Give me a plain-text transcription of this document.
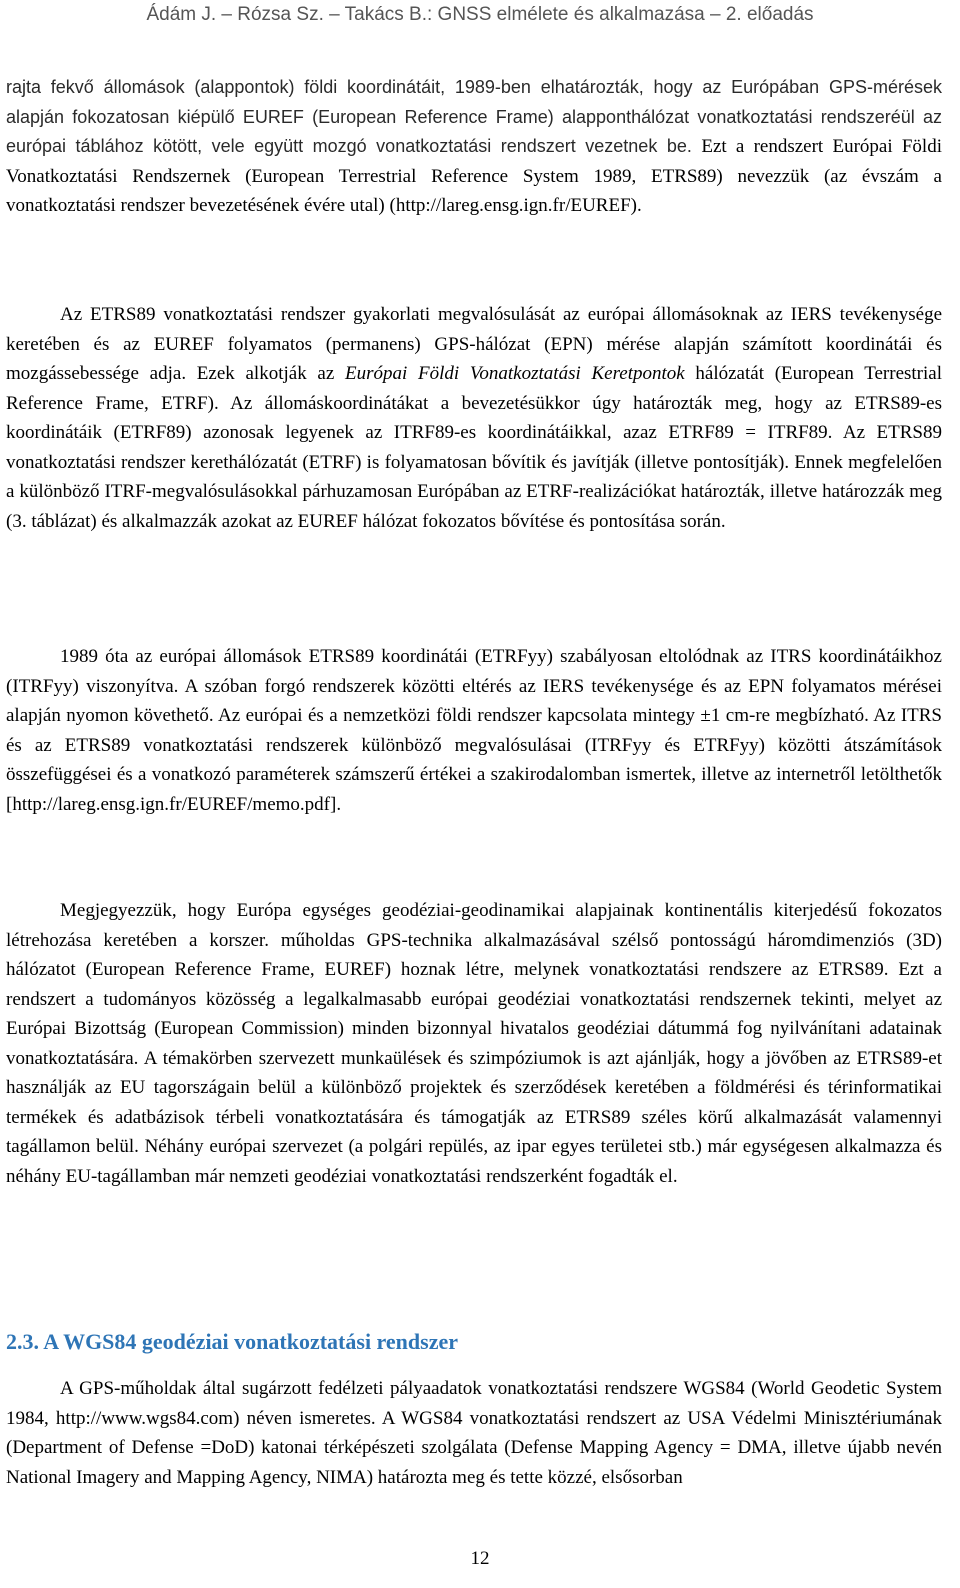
Ádám J. – Rózsa Sz. – Takács B.: GNSS elmélete és alkalmazása – 2. előadás

rajta fekvő állomások (alappontok) földi koordinátáit, 1989-ben elhatározták, hogy az Európában GPS-mérések alapján fokozatosan kiépülő EUREF (European Reference Frame) alapponthálózat vonatkoztatási rendszeréül az európai táblához kötött, vele együtt mozgó vonatkoztatási rendszert vezetnek be. Ezt a rendszert Európai Földi Vonatkoztatási Rendszernek (European Terrestrial Reference System 1989, ETRS89) nevezzük (az évszám a vonatkoztatási rendszer bevezetésének évére utal) (http://lareg.ensg.ign.fr/EUREF).

Az ETRS89 vonatkoztatási rendszer gyakorlati megvalósulását az európai állomásoknak az IERS tevékenysége keretében és az EUREF folyamatos (permanens) GPS-hálózat (EPN) mérése alapján számított koordinátái és mozgássebessége adja. Ezek alkotják az Európai Földi Vonatkoztatási Keretpontok hálózatát (European Terrestrial Reference Frame, ETRF). Az állomáskoordinátákat a bevezetésükkor úgy határozták meg, hogy az ETRS89-es koordinátáik (ETRF89) azonosak legyenek az ITRF89-es koordinátáikkal, azaz ETRF89 = ITRF89. Az ETRS89 vonatkoztatási rendszer kerethálózatát (ETRF) is folyamatosan bővítik és javítják (illetve pontosítják). Ennek megfelelően a különböző ITRF-megvalósulásokkal párhuzamosan Európában az ETRF-realizációkat határozták, illetve határozzák meg (3. táblázat) és alkalmazzák azokat az EUREF hálózat fokozatos bővítése és pontosítása során.

1989 óta az európai állomások ETRS89 koordinátái (ETRFyy) szabályosan eltolódnak az ITRS koordinátáikhoz (ITRFyy) viszonyítva. A szóban forgó rendszerek közötti eltérés az IERS tevékenysége és az EPN folyamatos mérései alapján nyomon követhető. Az európai és a nemzetközi földi rendszer kapcsolata mintegy ±1 cm-re megbízható. Az ITRS és az ETRS89 vonatkoztatási rendszerek különböző megvalósulásai (ITRFyy és ETRFyy) közötti átszámítások összefüggései és a vonatkozó paraméterek számszerű értékei a szakirodalomban ismertek, illetve az internetről letölthetők [http://lareg.ensg.ign.fr/EUREF/memo.pdf].

Megjegyezzük, hogy Európa egységes geodéziai-geodinamikai alapjainak kontinentális kiterjedésű fokozatos létrehozása keretében a korszer. műholdas GPS-technika alkalmazásával szélső pontosságú háromdimenziós (3D) hálózatot (European Reference Frame, EUREF) hoznak létre, melynek vonatkoztatási rendszere az ETRS89. Ezt a rendszert a tudományos közösség a legalkalmasabb európai geodéziai vonatkoztatási rendszernek tekinti, melyet az Európai Bizottság (European Commission) minden bizonnyal hivatalos geodéziai dátummá fog nyilvánítani adatainak vonatkoztatására. A témakörben szervezett munkaülések és szimpóziumok is azt ajánlják, hogy a jövőben az ETRS89-et használják az EU tagországain belül a különböző projektek és szerződések keretében a földmérési és térinformatikai termékek és adatbázisok térbeli vonatkoztatására és támogatják az ETRS89 széles körű alkalmazását valamennyi tagállamon belül. Néhány európai szervezet (a polgári repülés, az ipar egyes területei stb.) már egységesen alkalmazza és néhány EU-tagállamban már nemzeti geodéziai vonatkoztatási rendszerként fogadták el.

2.3. A WGS84 geodéziai vonatkoztatási rendszer

A GPS-műholdak által sugárzott fedélzeti pályaadatok vonatkoztatási rendszere WGS84 (World Geodetic System 1984, http://www.wgs84.com) néven ismeretes. A WGS84 vonatkoztatási rendszert az USA Védelmi Minisztériumának (Department of Defense =DoD) katonai térképészeti szolgálata (Defense Mapping Agency = DMA, illetve újabb nevén National Imagery and Mapping Agency, NIMA) határozta meg és tette közzé, elsősorban

12
